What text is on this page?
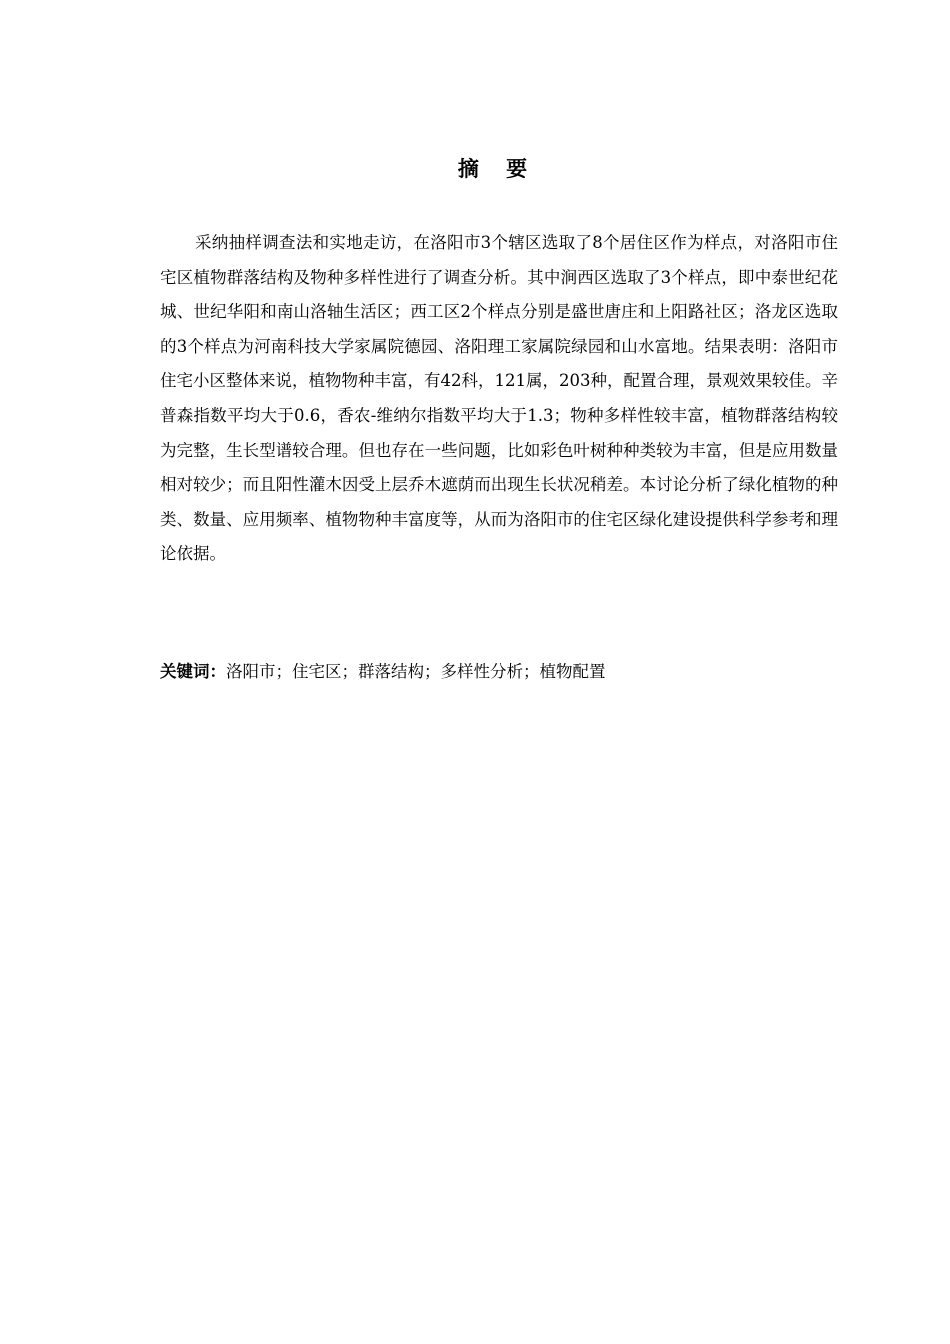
摘 要

采纳抽样调查法和实地走访，在洛阳市3个辖区选取了8个居住区作为样点，对洛阳市住宅区植物群落结构及物种多样性进行了调查分析。其中涧西区选取了3个样点，即中泰世纪花城、世纪华阳和南山洛轴生活区；西工区2个样点分别是盛世唐庄和上阳路社区；洛龙区选取的3个样点为河南科技大学家属院德园、洛阳理工家属院绿园和山水富地。结果表明：洛阳市住宅小区整体来说，植物物种丰富，有42科，121属，203种，配置合理，景观效果较佳。辛普森指数平均大于0.6，香农-维纳尔指数平均大于1.3；物种多样性较丰富，植物群落结构较为完整，生长型谱较合理。但也存在一些问题，比如彩色叶树种种类较为丰富，但是应用数量相对较少；而且阳性灌木因受上层乔木遮荫而出现生长状况稍差。本讨论分析了绿化植物的种类、数量、应用频率、植物物种丰富度等，从而为洛阳市的住宅区绿化建设提供科学参考和理论依据。

关键词：洛阳市；住宅区；群落结构；多样性分析；植物配置
